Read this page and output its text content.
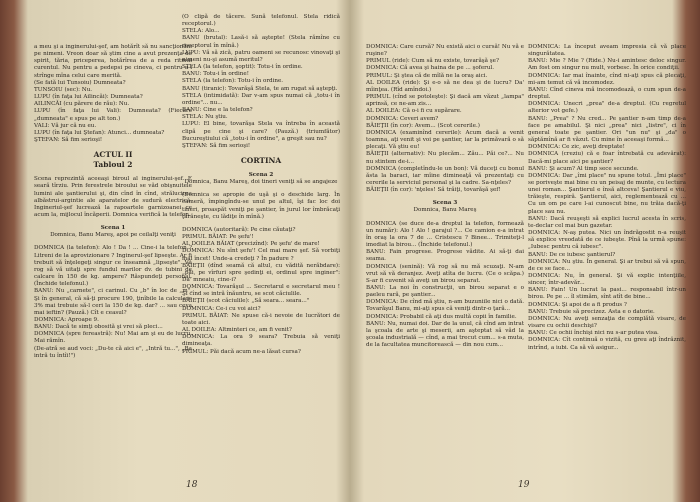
a meu şi a inginerului-şef, am hotărît să nu sancţionăm pe nimeni. Vreon doar să ştim cine a avut prezenţa de spirit, tăria, priceperea, hotărîrea de a reda ritmul curentul. Nu pentru a pedepsi pe cineva, ci pentru a-i strînge mîna celui care merită.

(Se fată lui Tunsoiu) Dumneata?

TUNSOIU (sec): Nu.

LUPU (în faţa lui Ailincăi): Dumneata?

AILINCĂI (cu părere de rău): Nu.

LUPU (în faţa lui Vali): Dumneata? (Fiecare „dumneata" e spus pe alt ton.)

VALI: Vă jur că nu eu.

LUPU (în faţa lui Ştefan): Atunci... dumneata?

ŞTEFAN: Să fim serioşi!

ACTUL II

Tabloul 2

Scena reprezintă aceeaşi biroul al inginerului-şef. E seară tîrziu. Prin ferestrele biroului se văd obişnuitele lumini ale şantierului şi, din cînd în cînd, strălucirea albăstrui-argintie ale aparatelor de sudură electrică. Ingineriul-şef lucrează la rapoartele garnizoanei ce acum la, mijlocul încăperii. Domnica verifică la telefon.

Scena 1

Domnica, Banu Mareş, apoi pe ceilalţi veniţi

DOMNICA (la telefon): Alo ! Da ! ... Cine-i la telefon ? Litreni de la aprovizionare ? Inginerul-şef lipseşte. Ar fi trebuit să înţelegeţi singur ce înseamnă „lipseşte". Vă rog să vă uitaţi spre fundul marilor dv. de tubini de calcare în 150 de kg. ampere? Răspundeţi personal. (Închide telefonul.)

BANU: Nu „carnete", ci carinul. Cu „b" în loc de „m". Şi în general, că să-ţi procure 190, ţinîbile la calculare 3% mai trebuie să-l ceri la 150 de kg. dar? ... sau ceva mai ieftin? (Pauză.) Cît e ceasul?

DOMNICA: Aproape 9.

BANU: Dacă te simţi obosită şi vrei să pleci...

DOMNICA (spre fereastră): Nu! Mai am şi eu de lucru. Mai rămîn.

(De-atră se aud voci: „Du-te că aici e", „Intră tu...", „Ba intră tu întîi!")

(O clipă de tăcere. Sună telefonul. Stela ridică receptorul.)

STELA: Alo...

BANU (brutal): Lasă-i să aştepte! (Stela rămîne cu receptorul în mînă.)

LUPU: Vă să zică, patru oameni se recunosc vinovaţi şi nimeni nu-şi asumă meritul?

STELA (la telefon, şoptit): Totu-i în ordine.

BANU: Totu-i în ordine!

STELA (la telefon): Totu-i în ordine.

BANU (tiranic): Tovarăşă Stela, te am rugat să aştepţi.

STELA (intimidată): Dar v-am spus numai că „totu-i în ordine"... nu...

BANU: Cine e la telefon?

STELA: Nu ştiu.

LUPU: El bine, tovarăşa Stela va întreba în această clipă pe cine şi care? (Pauză.) (triumfător) Bucureştiului că „totu-i în ordine", a greşit sau nu?

ŞTEFAN: Să fim serioşi!

CORTINA

Scena 2

Domnica, Banu Mareş, doi tineri veniţi să se angajeze

(Domnica se apropie de uşă şi o deschide larg. În cameră, împingîndu-se unul pe altul, îşi fac loc doi tineri, proaspăt veniţi pe şantier, în jurul lor îmbrăcaţi ţărăneşte, cu lădiţe în mînă.)

DOMNICA (autoritară): Pe cine căutaţi?

PRIMUL BĂIAT: Pe şefu'!

AL DOILEA BĂIAT (precizînd): Pe şefu' de mare!

DOMNICA: Nu sînt şefu'! Cel mai mare şef. Să vorbiţi mai încet! Unde-a credeţi ? În padure ?

BĂIEŢII (dînd seamă că altul, cu vădită nerăbdare): „păi, pe vîrfuri spre şedinţi ei, ordinul spre inginer": Da' mneaiu, cine-i?

DOMNICA: Tovarăşul ... Secretarul e secretarul meu ! Şi cînd se intră înăuntru, se scot căciulile.

BĂIEŢII (scot căciulile): „Să seara... seara..."

DOMNICA: Ce-i cu voi aici?

PRIMUL BĂIAT: Ne spuse că-i nevoie de lucrători de toate aici.

AL DOILEA: Altminteri ce, am fi venit?

DOMNICA: La ora 9 seara? Trebuia să veniţi dimineaţa.

PRIMUL: Păi dacă acum ne-a lăsat cursa?

18

DOMNICA: Care cursă? Nu există aici o cursă! Nu vă e ruşine?

PRIMUL (ride): Cum să nu existe, tovarăşă şe?

DOMNICA: Că avea şi haina de pe ... şoferul.

PRIMUL: Şi ştea că de mîlă ne la oraş aici.

AL DOILEA (ride): Şi e-o să ne dea şi de lucru? Da' mîinţea. (Rîd amîndoi.)

PRIMUL (cînd se potoleşte): Şi dacă am văzut „lampa" aprinsă, ce ne-am zis...

AL DOILEA: Că o-i fi cu supărare.

DOMNICA: Ceveri avem?

BĂIEŢII (în cor): Avem... (Scot cererile.)

DOMNICA (examinînd cererile): Acum dacă a venit toamna, aţi venit şi voi pe şantier, iar la primăvară o să plecaţi. Vă ştiu eu!

BĂIEŢII (alternativ): Nu plecăm... Zău... Păi ce?... Nu nu stintem de-i...

DOMNICA (completîndu-le un bon): Vă duceţi cu bonul ăsta la baraci, iar mîine dimineaţă vă prezentaţi cu cererile la serviciul personal şi la cadre. Sa-nţeles?

BĂIEŢII (în cor): 'nţeles! Să trăiţi, tovarăşă şef!

Scena 3

Domnica, Banu Mareş

DOMNICA (se duce de-a dreptul la telefon, formează un număr): Alo ! Alo ! garajul ?... Ce camion e-a intrat în oraş la ora 7 de ... Cristescu ? Binee... Trimiteţi-l imediat la birou... (Închide telefonul.)

BANU: Fain progrese. Progrese vădite. Ai să-ţi dai seama.

DOMNICA (senină): Vă rog să nu mă scuzaţi. N-am vrut să vă deranjez. Aveţi atîta de lucru. (Ce o scăpa.) S-ar fi cuvenit să aveţi un birou separat.

BANU: La noi în construcţii, un birou separat e o paeleu rară, pe şantier...

DOMNICA: De cînd mă ştiu, n-am buzuniile nici o dată. Tovarăşul Banu, mi-aţi spus că veniţi dintr-o ţară...

DOMNICA: Probabil că aţi dus multă copii în familie.

BANU: Nu, numai doi. Dar de la unul, că cînd am intrat la şcoala de arte şi meserii, am aşteptat să văd la şcoala industrială — cînd, a mai trecut cum... s-a muta, de la facultatea muncitorească — din nou cum...

DOMNICA: La început aveam impresia că vă place singurătatea.

BANU: Mie ? Mie ? (Ride.) Nu-i amintesc deloc singur. Am fost om singur nu mult, vorbesc. În orice condiţii.

DOMNICA: Iar mai înainte, cînd ni-aţi spus că plecaţi, mi-am temut că vă incomodez.

BANU: Cînd cineva mă incomodează, o cum spun de-a dreptul.

DOMNICA: Unecri „prea" de-a dreptul. (Cu regretul alterior vot gefe.)

BANU: „Prea" ? Nu cred... Pe şantier n-am timp de-a face pe amabilul. Şi nici „prea" nici „listre", ci în general toate pe şantier. Ori "un nu" şi „da" o săptămînă ar fi văzut. Cu mine în aceeaşi formă...

DOMNICA: Ce zic, aveţi dreptate!

DOMNICA (creziu) că e foar întrebată cu adevărat): Dacă-mi place aici pe şantier?

BANU: Şi acum? Al timp sece secunde.

DOMNICA: Dar „îmi place" nu spune totul. „Îmi place" se poriveşte mai bine cu un peisaj de munte, cu lectura unei roman... Şantierul e însă altceva! Şantierul e viu, trăieşte, respiră. Şantierul, aici, reglementează cu ... Cu un om pe care l-ai cunoscut bine, nu trăia dacă-ţi place sau nu.

BANU: Dacă reuşeşti să explici lucrul acesta în scris, te-declar cel mai bun gazetar.

DOMNICA: N-aş putea. Nici un îndrăgostit n-a reuşit să explice vreodată de ce iubeşte. Pînă la urmă spune: „Iubesc pentru că iubesc".

BANU: De ce iubesc şantierul?

DOMNICA: Nu ştiu. În general. Şi ar trebui să vă spun, de ce se face...

DOMNICA: Nu, în general. Şi vă explic intenţiile, sincer, într-adevăr...

BANU: Fain! Un lucrat la pasi... responsabil într-un birou. Pe pe ... îl stimăm, sînt atît de bine...

DOMNICA: Şi apoi de a fi produs ?

BANU: Trebuie să precizez. Asta e o datorie.

DOMNICA: Nu aveţi senzaţia de complătă visare, de visare cu ochii deschişi?

BANU: Ce ochii închişi nici nu s-ar putea visa.

DOMNICA: Cît continuă o vizită, cu greu aţi îndrăznit, intrînd, a iubi. Ca să vă asigur...

19
